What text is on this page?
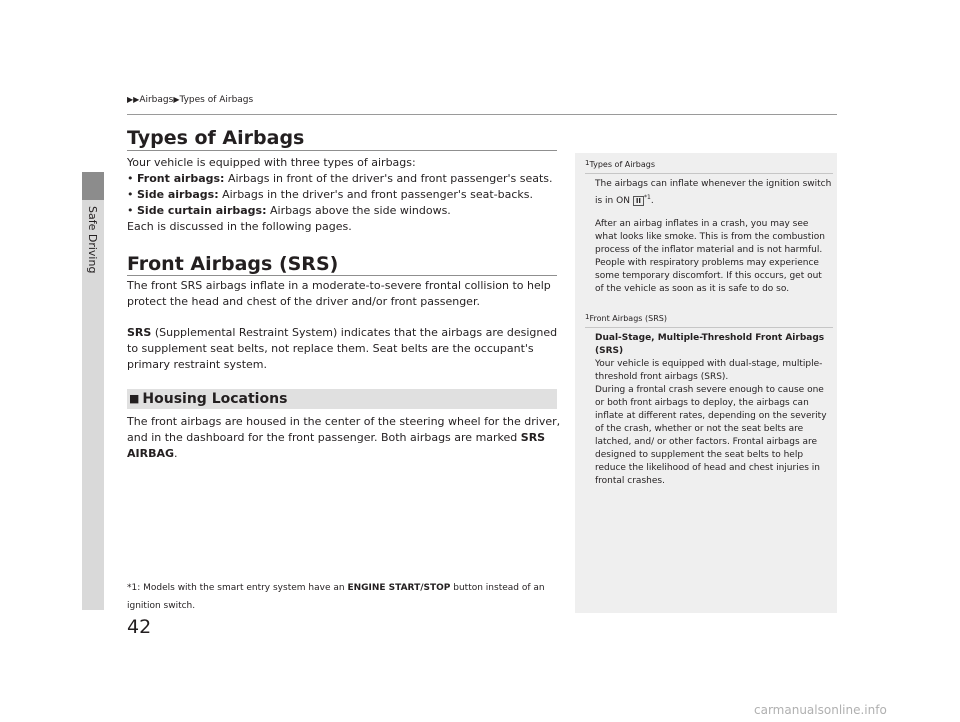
Safe Driving
▶▶Airbags▶Types of Airbags
Types of Airbags

Your vehicle is equipped with three types of airbags:

• Front airbags: Airbags in front of the driver's and front passenger's seats.

• Side airbags: Airbags in the driver's and front passenger's seat-backs.

• Side curtain airbags: Airbags above the side windows.

Each is discussed in the following pages.

Front Airbags (SRS)

The front SRS airbags inflate in a moderate-to-severe frontal collision to help protect the head and chest of the driver and/or front passenger.

SRS (Supplemental Restraint System) indicates that the airbags are designed to supplement seat belts, not replace them. Seat belts are the occupant's primary restraint system.

■ Housing Locations

The front airbags are housed in the center of the steering wheel for the driver, and in the dashboard for the front passenger. Both airbags are marked SRS AIRBAG.

*1: Models with the smart entry system have an ENGINE START/STOP button instead of an ignition switch.
1Types of Airbags

The airbags can inflate whenever the ignition switch is in ON II $^{*1}$.

After an airbag inflates in a crash, you may see what looks like smoke. This is from the combustion process of the inflator material and is not harmful. People with respiratory problems may experience some temporary discomfort. If this occurs, get out of the vehicle as soon as it is safe to do so.

1Front Airbags (SRS)

Dual-Stage, Multiple-Threshold Front Airbags (SRS)

Your vehicle is equipped with dual-stage, multiple-threshold front airbags (SRS).

During a frontal crash severe enough to cause one or both front airbags to deploy, the airbags can inflate at different rates, depending on the severity of the crash, whether or not the seat belts are latched, and/ or other factors. Frontal airbags are designed to supplement the seat belts to help reduce the likelihood of head and chest injuries in frontal crashes.

42
carmanualsonline.info
